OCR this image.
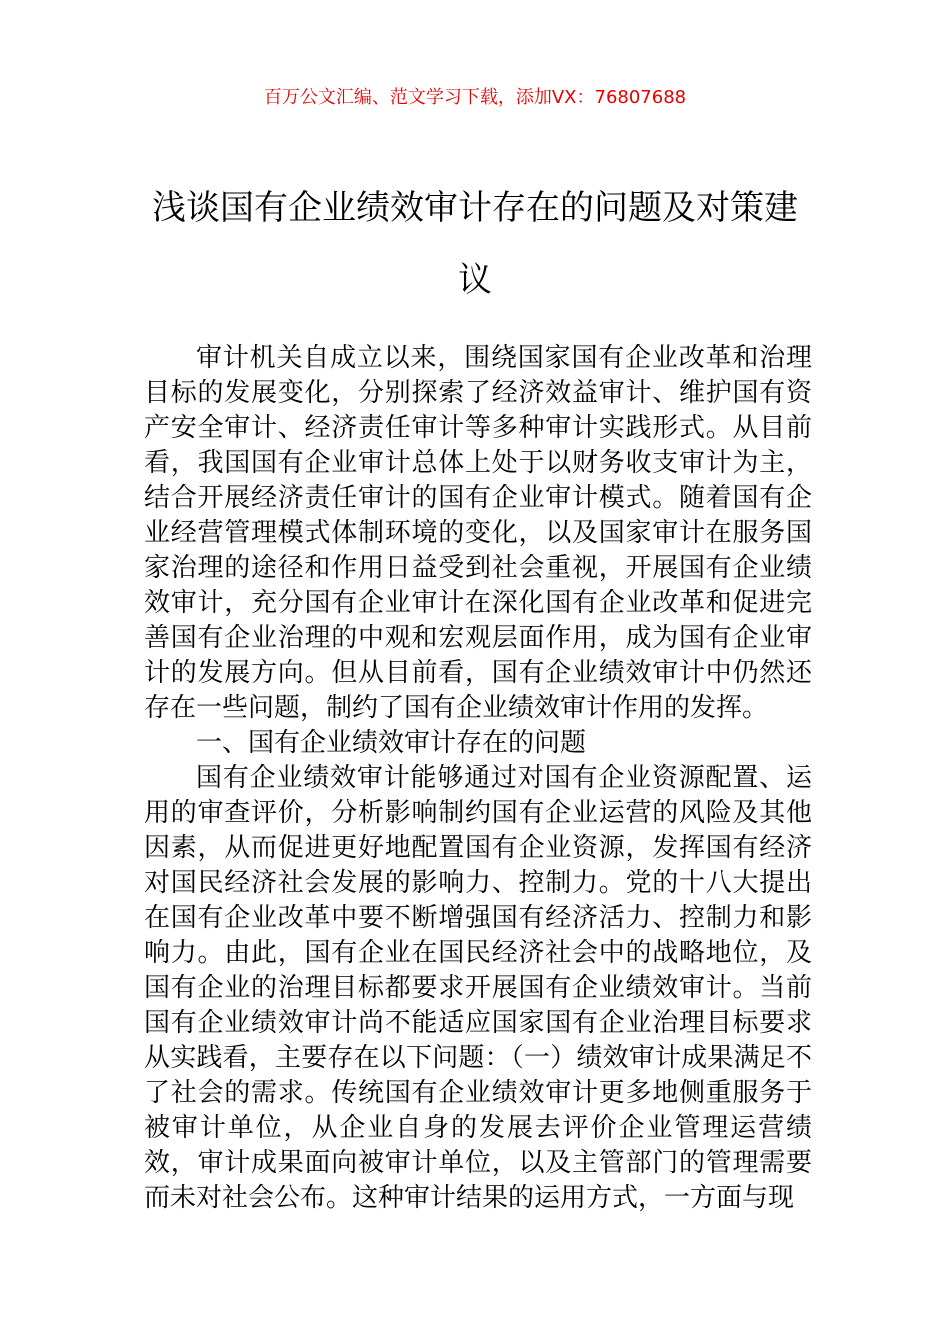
百万公文汇编、范文学习下载，添加VX：76807688
浅谈国有企业绩效审计存在的问题及对策建议

审计机关自成立以来，围绕国家国有企业改革和治理目标的发展变化，分别探索了经济效益审计、维护国有资产安全审计、经济责任审计等多种审计实践形式。从目前看，我国国有企业审计总体上处于以财务收支审计为主，结合开展经济责任审计的国有企业审计模式。随着国有企业经营管理模式体制环境的变化，以及国家审计在服务国家治理的途径和作用日益受到社会重视，开展国有企业绩效审计，充分国有企业审计在深化国有企业改革和促进完善国有企业治理的中观和宏观层面作用，成为国有企业审计的发展方向。但从目前看，国有企业绩效审计中仍然还存在一些问题，制约了国有企业绩效审计作用的发挥。

一、国有企业绩效审计存在的问题

国有企业绩效审计能够通过对国有企业资源配置、运用的审查评价，分析影响制约国有企业运营的风险及其他因素，从而促进更好地配置国有企业资源，发挥国有经济对国民经济社会发展的影响力、控制力。党的十八大提出在国有企业改革中要不断增强国有经济活力、控制力和影响力。由此，国有企业在国民经济社会中的战略地位，及国有企业的治理目标都要求开展国有企业绩效审计。当前国有企业绩效审计尚不能适应国家国有企业治理目标要求从实践看，主要存在以下问题：（一）绩效审计成果满足不了社会的需求。传统国有企业绩效审计更多地侧重服务于被审计单位，从企业自身的发展去评价企业管理运营绩效，审计成果面向被审计单位，以及主管部门的管理需要而未对社会公布。这种审计结果的运用方式，一方面与现
